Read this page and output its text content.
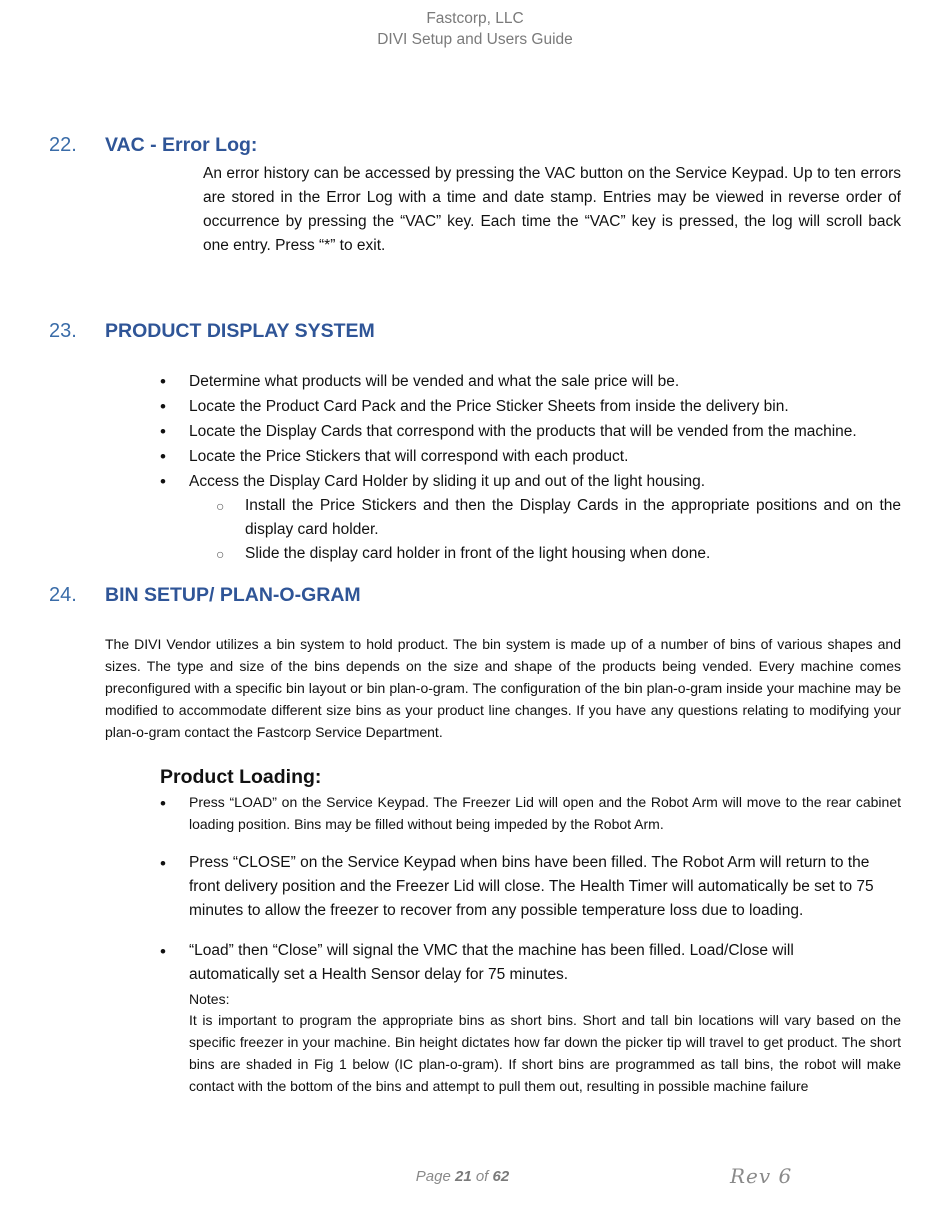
Fastcorp, LLC
DIVI Setup and Users Guide
22. VAC - Error Log:
An error history can be accessed by pressing the VAC button on the Service Keypad. Up to ten errors are stored in the Error Log with a time and date stamp. Entries may be viewed in reverse order of occurrence by pressing the “VAC” key. Each time the “VAC” key is pressed, the log will scroll back one entry. Press “*” to exit.
23. PRODUCT DISPLAY SYSTEM
• Determine what products will be vended and what the sale price will be.
• Locate the Product Card Pack and the Price Sticker Sheets from inside the delivery bin.
• Locate the Display Cards that correspond with the products that will be vended from the machine.
• Locate the Price Stickers that will correspond with each product.
• Access the Display Card Holder by sliding it up and out of the light housing.
○ Install the Price Stickers and then the Display Cards in the appropriate positions and on the display card holder.
○ Slide the display card holder in front of the light housing when done.
24. BIN SETUP/ PLAN-O-GRAM
The DIVI Vendor utilizes a bin system to hold product. The bin system is made up of a number of bins of various shapes and sizes. The type and size of the bins depends on the size and shape of the products being vended. Every machine comes preconfigured with a specific bin layout or bin plan-o-gram. The configuration of the bin plan-o-gram inside your machine may be modified to accommodate different size bins as your product line changes. If you have any questions relating to modifying your plan-o-gram contact the Fastcorp Service Department.
Product Loading:
• Press “LOAD” on the Service Keypad. The Freezer Lid will open and the Robot Arm will move to the rear cabinet loading position. Bins may be filled without being impeded by the Robot Arm.
• Press “CLOSE” on the Service Keypad when bins have been filled. The Robot Arm will return to the front delivery position and the Freezer Lid will close. The Health Timer will automatically be set to 75 minutes to allow the freezer to recover from any possible temperature loss due to loading.
• “Load” then “Close” will signal the VMC that the machine has been filled. Load/Close will automatically set a Health Sensor delay for 75 minutes.
Notes:
It is important to program the appropriate bins as short bins. Short and tall bin locations will vary based on the specific freezer in your machine. Bin height dictates how far down the picker tip will travel to get product. The short bins are shaded in Fig 1 below (IC plan-o-gram). If short bins are programmed as tall bins, the robot will make contact with the bottom of the bins and attempt to pull them out, resulting in possible machine failure
Page 21 of 62	Rev 6
